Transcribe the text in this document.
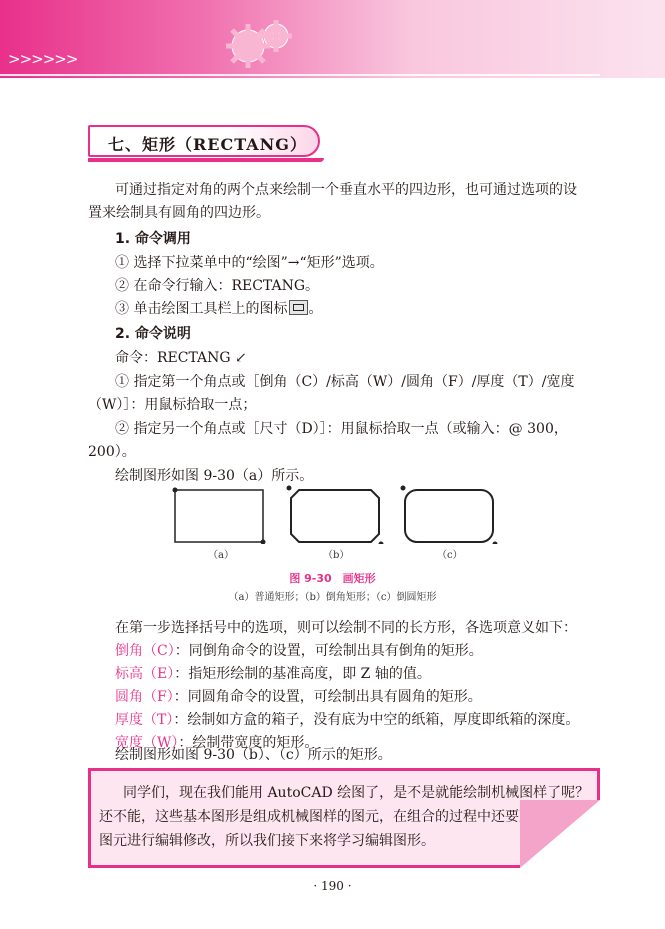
>>>>>>
七、矩形（RECTANG）
可通过指定对角的两个点来绘制一个垂直水平的四边形，也可通过选项的设
置来绘制具有圆角的四边形。
1. 命令调用
① 选择下拉菜单中的“绘图”→“矩形”选项。
② 在命令行输入：RECTANG。
③ 单击绘图工具栏上的图标 。
2. 命令说明
命令：RECTANG ↙
① 指定第一个角点或［倒角（C）/标高（W）/圆角（F）/厚度（T）/宽度
（W）］：用鼠标拾取一点；
② 指定另一个角点或［尺寸（D）］：用鼠标拾取一点（或输入：@ 300，
200）。
绘制图形如图 9-30（a）所示。
（a）	（b）	（c）
图 9-30　画矩形
（a）普通矩形；（b）倒角矩形；（c）倒圆矩形
在第一步选择括号中的选项，则可以绘制不同的长方形，各选项意义如下：
倒角（C）：同倒角命令的设置，可绘制出具有倒角的矩形。
标高（E）：指矩形绘制的基准高度，即 Z 轴的值。
圆角（F）：同圆角命令的设置，可绘制出具有圆角的矩形。
厚度（T）：绘制如方盒的箱子，没有底为中空的纸箱，厚度即纸箱的深度。
宽度（W）：绘制带宽度的矩形。
绘制图形如图 9-30（b）、（c）所示的矩形。
同学们，现在我们能用 AutoCAD 绘图了，是不是就能绘制机械图样了呢？
还不能，这些基本图形是组成机械图样的图元，在组合的过程中还要对某些
图元进行编辑修改，所以我们接下来将学习编辑图形。
· 190 ·
